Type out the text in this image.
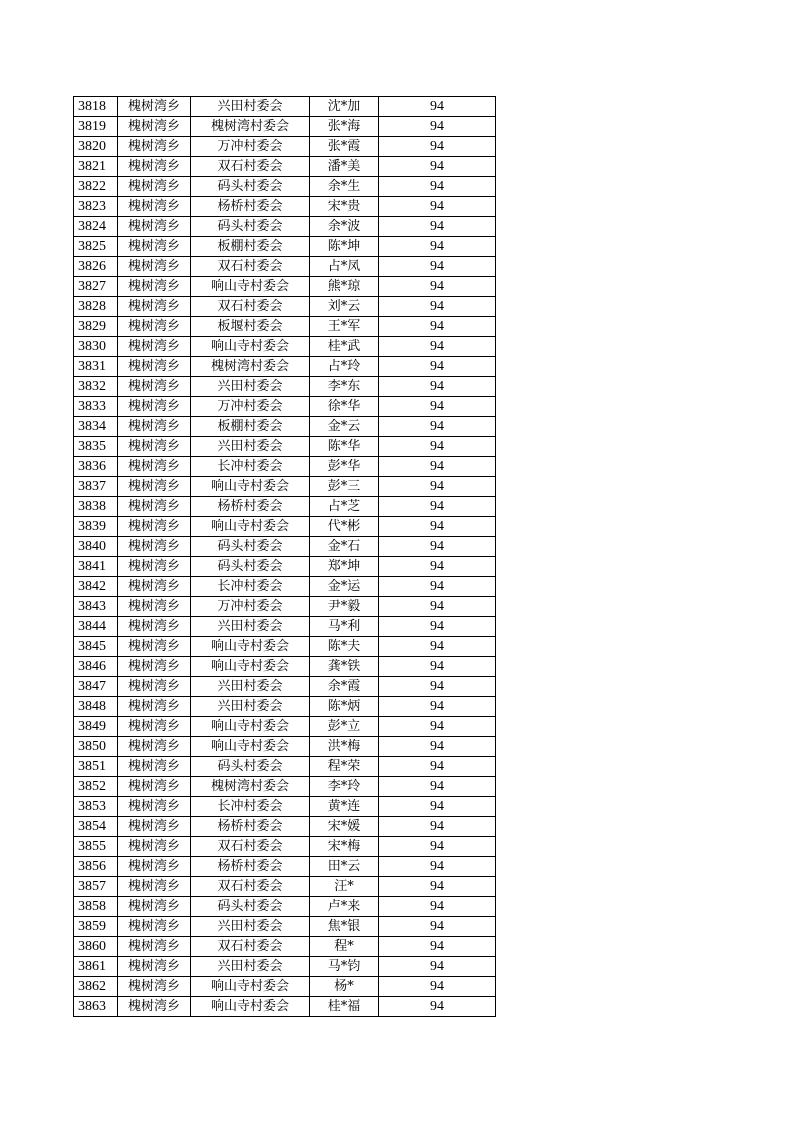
3818	槐树湾乡	兴田村委会	沈*加	94
3819	槐树湾乡	槐树湾村委会	张*海	94
3820	槐树湾乡	万冲村委会	张*霞	94
3821	槐树湾乡	双石村委会	潘*美	94
3822	槐树湾乡	码头村委会	余*生	94
3823	槐树湾乡	杨桥村委会	宋*贵	94
3824	槐树湾乡	码头村委会	余*波	94
3825	槐树湾乡	板棚村委会	陈*坤	94
3826	槐树湾乡	双石村委会	占*凤	94
3827	槐树湾乡	响山寺村委会	熊*琼	94
3828	槐树湾乡	双石村委会	刘*云	94
3829	槐树湾乡	板堰村委会	王*军	94
3830	槐树湾乡	响山寺村委会	桂*武	94
3831	槐树湾乡	槐树湾村委会	占*玲	94
3832	槐树湾乡	兴田村委会	李*东	94
3833	槐树湾乡	万冲村委会	徐*华	94
3834	槐树湾乡	板棚村委会	金*云	94
3835	槐树湾乡	兴田村委会	陈*华	94
3836	槐树湾乡	长冲村委会	彭*华	94
3837	槐树湾乡	响山寺村委会	彭*三	94
3838	槐树湾乡	杨桥村委会	占*芝	94
3839	槐树湾乡	响山寺村委会	代*彬	94
3840	槐树湾乡	码头村委会	金*石	94
3841	槐树湾乡	码头村委会	郑*坤	94
3842	槐树湾乡	长冲村委会	金*运	94
3843	槐树湾乡	万冲村委会	尹*毅	94
3844	槐树湾乡	兴田村委会	马*利	94
3845	槐树湾乡	响山寺村委会	陈*夫	94
3846	槐树湾乡	响山寺村委会	龚*铁	94
3847	槐树湾乡	兴田村委会	余*霞	94
3848	槐树湾乡	兴田村委会	陈*炳	94
3849	槐树湾乡	响山寺村委会	彭*立	94
3850	槐树湾乡	响山寺村委会	洪*梅	94
3851	槐树湾乡	码头村委会	程*荣	94
3852	槐树湾乡	槐树湾村委会	李*玲	94
3853	槐树湾乡	长冲村委会	黄*连	94
3854	槐树湾乡	杨桥村委会	宋*媛	94
3855	槐树湾乡	双石村委会	宋*梅	94
3856	槐树湾乡	杨桥村委会	田*云	94
3857	槐树湾乡	双石村委会	汪*	94
3858	槐树湾乡	码头村委会	卢*来	94
3859	槐树湾乡	兴田村委会	焦*银	94
3860	槐树湾乡	双石村委会	程*	94
3861	槐树湾乡	兴田村委会	马*钧	94
3862	槐树湾乡	响山寺村委会	杨*	94
3863	槐树湾乡	响山寺村委会	桂*福	94
